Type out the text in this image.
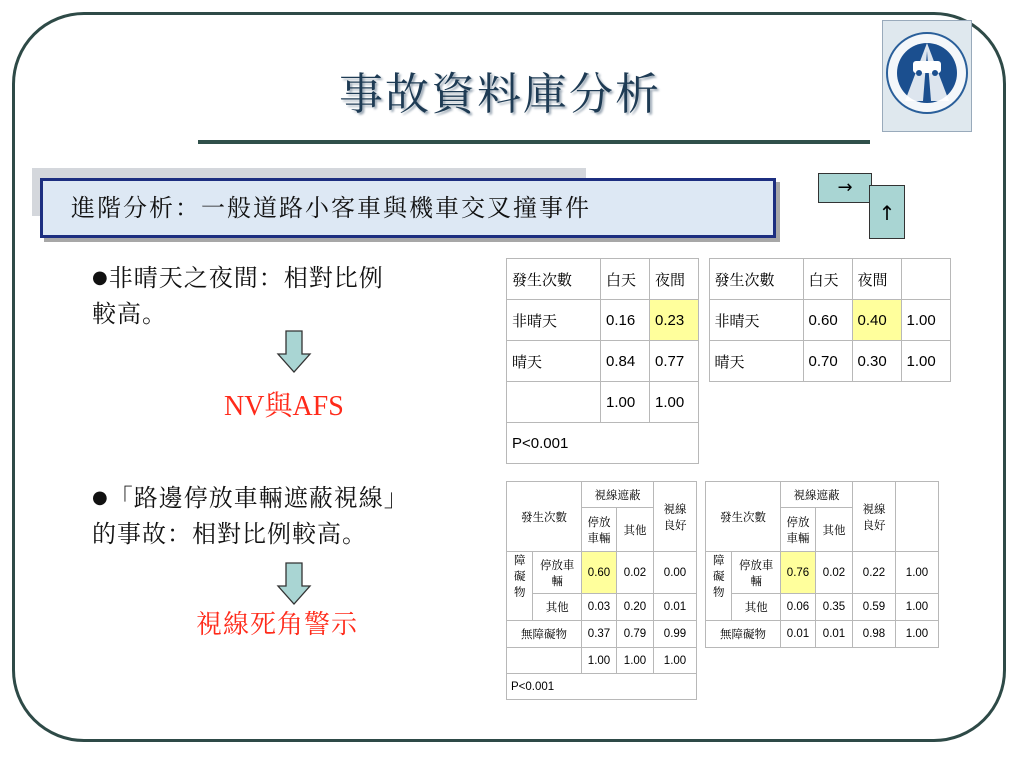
事故資料庫分析
進階分析：一般道路小客車與機車交叉撞事件
→
↑
●非晴天之夜間：相對比例
較高。
NV與AFS
●「路邊停放車輛遮蔽視線」
的事故：相對比例較高。
視線死角警示
發生次數	白天	夜間		發生次數	白天	夜間	
非晴天	0.16	0.23		非晴天	0.60	0.40	1.00
晴天	0.84	0.77		晴天	0.70	0.30	1.00
	1.00	1.00					
P<0.001							
發生次數		視線遮蔽		視線良好		發生次數		視線遮蔽		視線良好	
		停放車輛	其他					停放車輛	其他		
障礙物	停放車輛	0.60	0.02	0.00		障礙物	停放車輛	0.76	0.02	0.22	1.00
	其他	0.03	0.20	0.01			其他	0.06	0.35	0.59	1.00
無障礙物		0.37	0.79	0.99		無障礙物		0.01	0.01	0.98	1.00
		1.00	1.00	1.00							
P<0.001											
